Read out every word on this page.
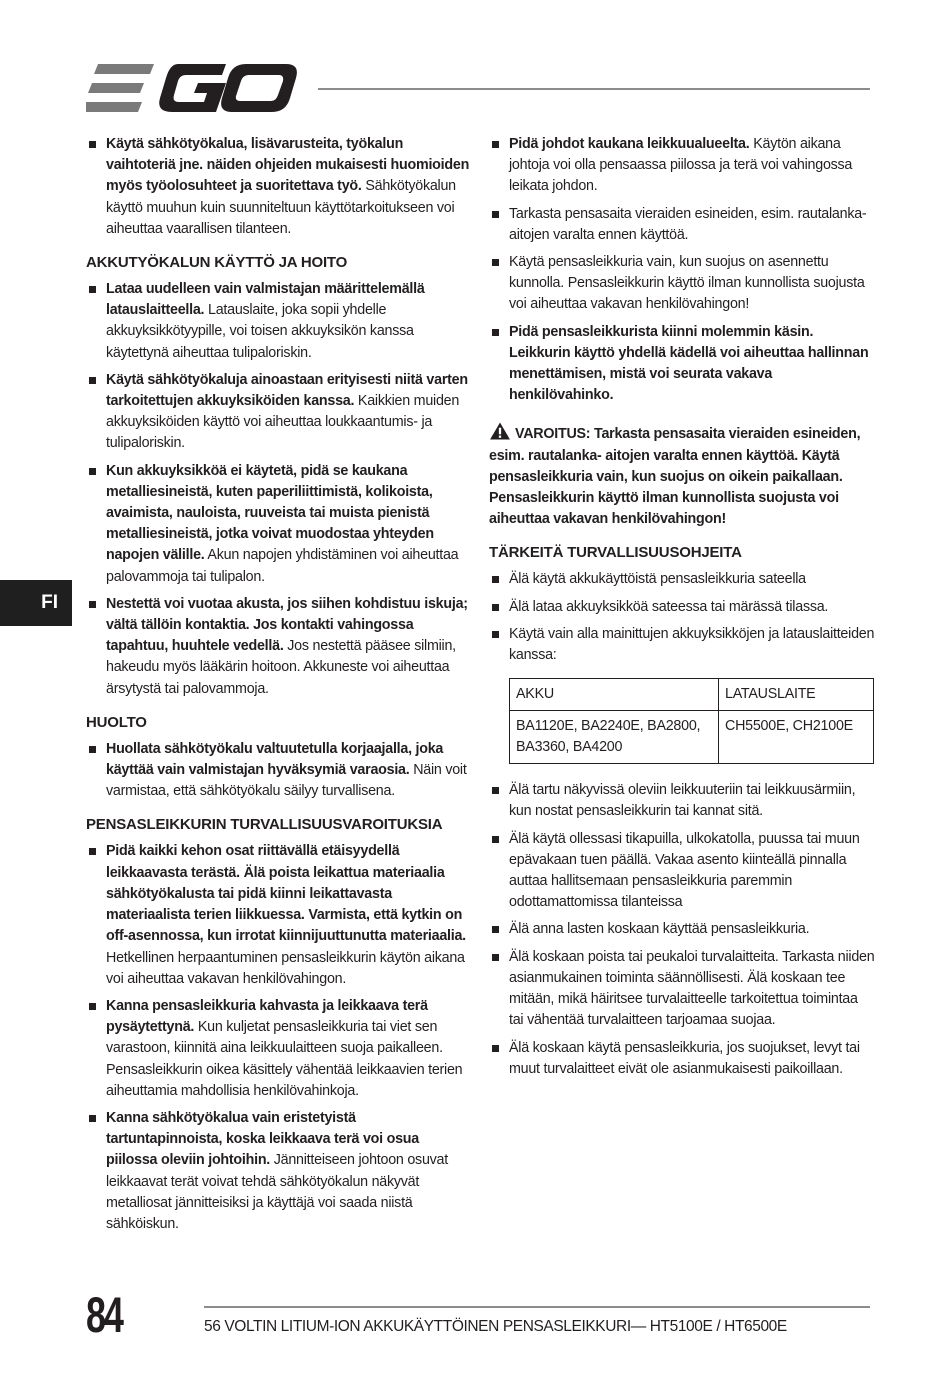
FI
Käytä sähkötyökalua, lisävarusteita, työkalun vaihtoteriä jne. näiden ohjeiden mukaisesti huomioiden myös työolosuhteet ja suoritettava työ. Sähkötyökalun käyttö muuhun kuin suunniteltuun käyttötarkoitukseen voi aiheuttaa vaarallisen tilanteen.
AKKUTYÖKALUN KÄYTTÖ JA HOITO
Lataa uudelleen vain valmistajan määrittelemällä latauslaitteella. Latauslaite, joka sopii yhdelle akkuyksikkötyypille, voi toisen akkuyksikön kanssa käytettynä aiheuttaa tulipaloriskin.
Käytä sähkötyökaluja ainoastaan erityisesti niitä varten tarkoitettujen akkuyksiköiden kanssa. Kaikkien muiden akkuyksiköiden käyttö voi aiheuttaa loukkaantumis- ja tulipaloriskin.
Kun akkuyksikköä ei käytetä, pidä se kaukana metalliesineistä, kuten paperiliittimistä, kolikoista, avaimista, nauloista, ruuveista tai muista pienistä metalliesineistä, jotka voivat muodostaa yhteyden napojen välille. Akun napojen yhdistäminen voi aiheuttaa palovammoja tai tulipalon.
Nestettä voi vuotaa akusta, jos siihen kohdistuu iskuja; vältä tällöin kontaktia. Jos kontakti vahingossa tapahtuu, huuhtele vedellä. Jos nestettä pääsee silmiin, hakeudu myös lääkärin hoitoon. Akkuneste voi aiheuttaa ärsytystä tai palovammoja.
HUOLTO
Huollata sähkötyökalu valtuutetulla korjaajalla, joka käyttää vain valmistajan hyväksymiä varaosia. Näin voit varmistaa, että sähkötyökalu säilyy turvallisena.
PENSASLEIKKURIN TURVALLISUUSVAROITUKSIA
Pidä kaikki kehon osat riittävällä etäisyydellä leikkaavasta terästä. Älä poista leikattua materiaalia sähkötyökalusta tai pidä kiinni leikattavasta materiaalista terien liikkuessa. Varmista, että kytkin on off-asennossa, kun irrotat kiinnijuuttunutta materiaalia. Hetkellinen herpaantuminen pensasleikkurin käytön aikana voi aiheuttaa vakavan henkilövahingon.
Kanna pensasleikkuria kahvasta ja leikkaava terä pysäytettynä. Kun kuljetat pensasleikkuria tai viet sen varastoon, kiinnitä aina leikkuulaitteen suoja paikalleen. Pensasleikkurin oikea käsittely vähentää leikkaavien terien aiheuttamia mahdollisia henkilövahinkoja.
Kanna sähkötyökalua vain eristetyistä tartuntapinnoista, koska leikkaava terä voi osua piilossa oleviin johtoihin. Jännitteiseen johtoon osuvat leikkaavat terät voivat tehdä sähkötyökalun näkyvät metalliosat jännitteisiksi ja käyttäjä voi saada niistä sähköiskun.
Pidä johdot kaukana leikkuualueelta. Käytön aikana johtoja voi olla pensaassa piilossa ja terä voi vahingossa leikata johdon.
Tarkasta pensasaita vieraiden esineiden, esim. rautalanka-aitojen varalta ennen käyttöä.
Käytä pensasleikkuria vain, kun suojus on asennettu kunnolla. Pensasleikkurin käyttö ilman kunnollista suojusta voi aiheuttaa vakavan henkilövahingon!
Pidä pensasleikkurista kiinni molemmin käsin. Leikkurin käyttö yhdellä kädellä voi aiheuttaa hallinnan menettämisen, mistä voi seurata vakava henkilövahinko.
VAROITUS: Tarkasta pensasaita vieraiden esineiden, esim. rautalanka- aitojen varalta ennen käyttöä. Käytä pensasleikkuria vain, kun suojus on oikein paikallaan. Pensasleikkurin käyttö ilman kunnollista suojusta voi aiheuttaa vakavan henkilövahingon!
TÄRKEITÄ TURVALLISUUSOHJEITA
Älä käytä akkukäyttöistä pensasleikkuria sateella
Älä lataa akkuyksikköä sateessa tai märässä tilassa.
Käytä vain alla mainittujen akkuyksikköjen ja latauslaitteiden kanssa:
AKKU	LATAUSLAITE
BA1120E, BA2240E, BA2800, BA3360, BA4200	CH5500E, CH2100E
Älä tartu näkyvissä oleviin leikkuuteriin tai leikkuusärmiin, kun nostat pensasleikkurin tai kannat sitä.
Älä käytä ollessasi tikapuilla, ulkokatolla, puussa tai muun epävakaan tuen päällä. Vakaa asento kiinteällä pinnalla auttaa hallitsemaan pensasleikkuria paremmin odottamattomissa tilanteissa
Älä anna lasten koskaan käyttää pensasleikkuria.
Älä koskaan poista tai peukaloi turvalaitteita. Tarkasta niiden asianmukainen toiminta säännöllisesti. Älä koskaan tee mitään, mikä häiritsee turvalaitteelle tarkoitettua toimintaa tai vähentää turvalaitteen tarjoamaa suojaa.
Älä koskaan käytä pensasleikkuria, jos suojukset, levyt tai muut turvalaitteet eivät ole asianmukaisesti paikoillaan.
84	56 VOLTIN LITIUM-ION AKKUKÄYTTÖINEN PENSASLEIKKURI— HT5100E / HT6500E
